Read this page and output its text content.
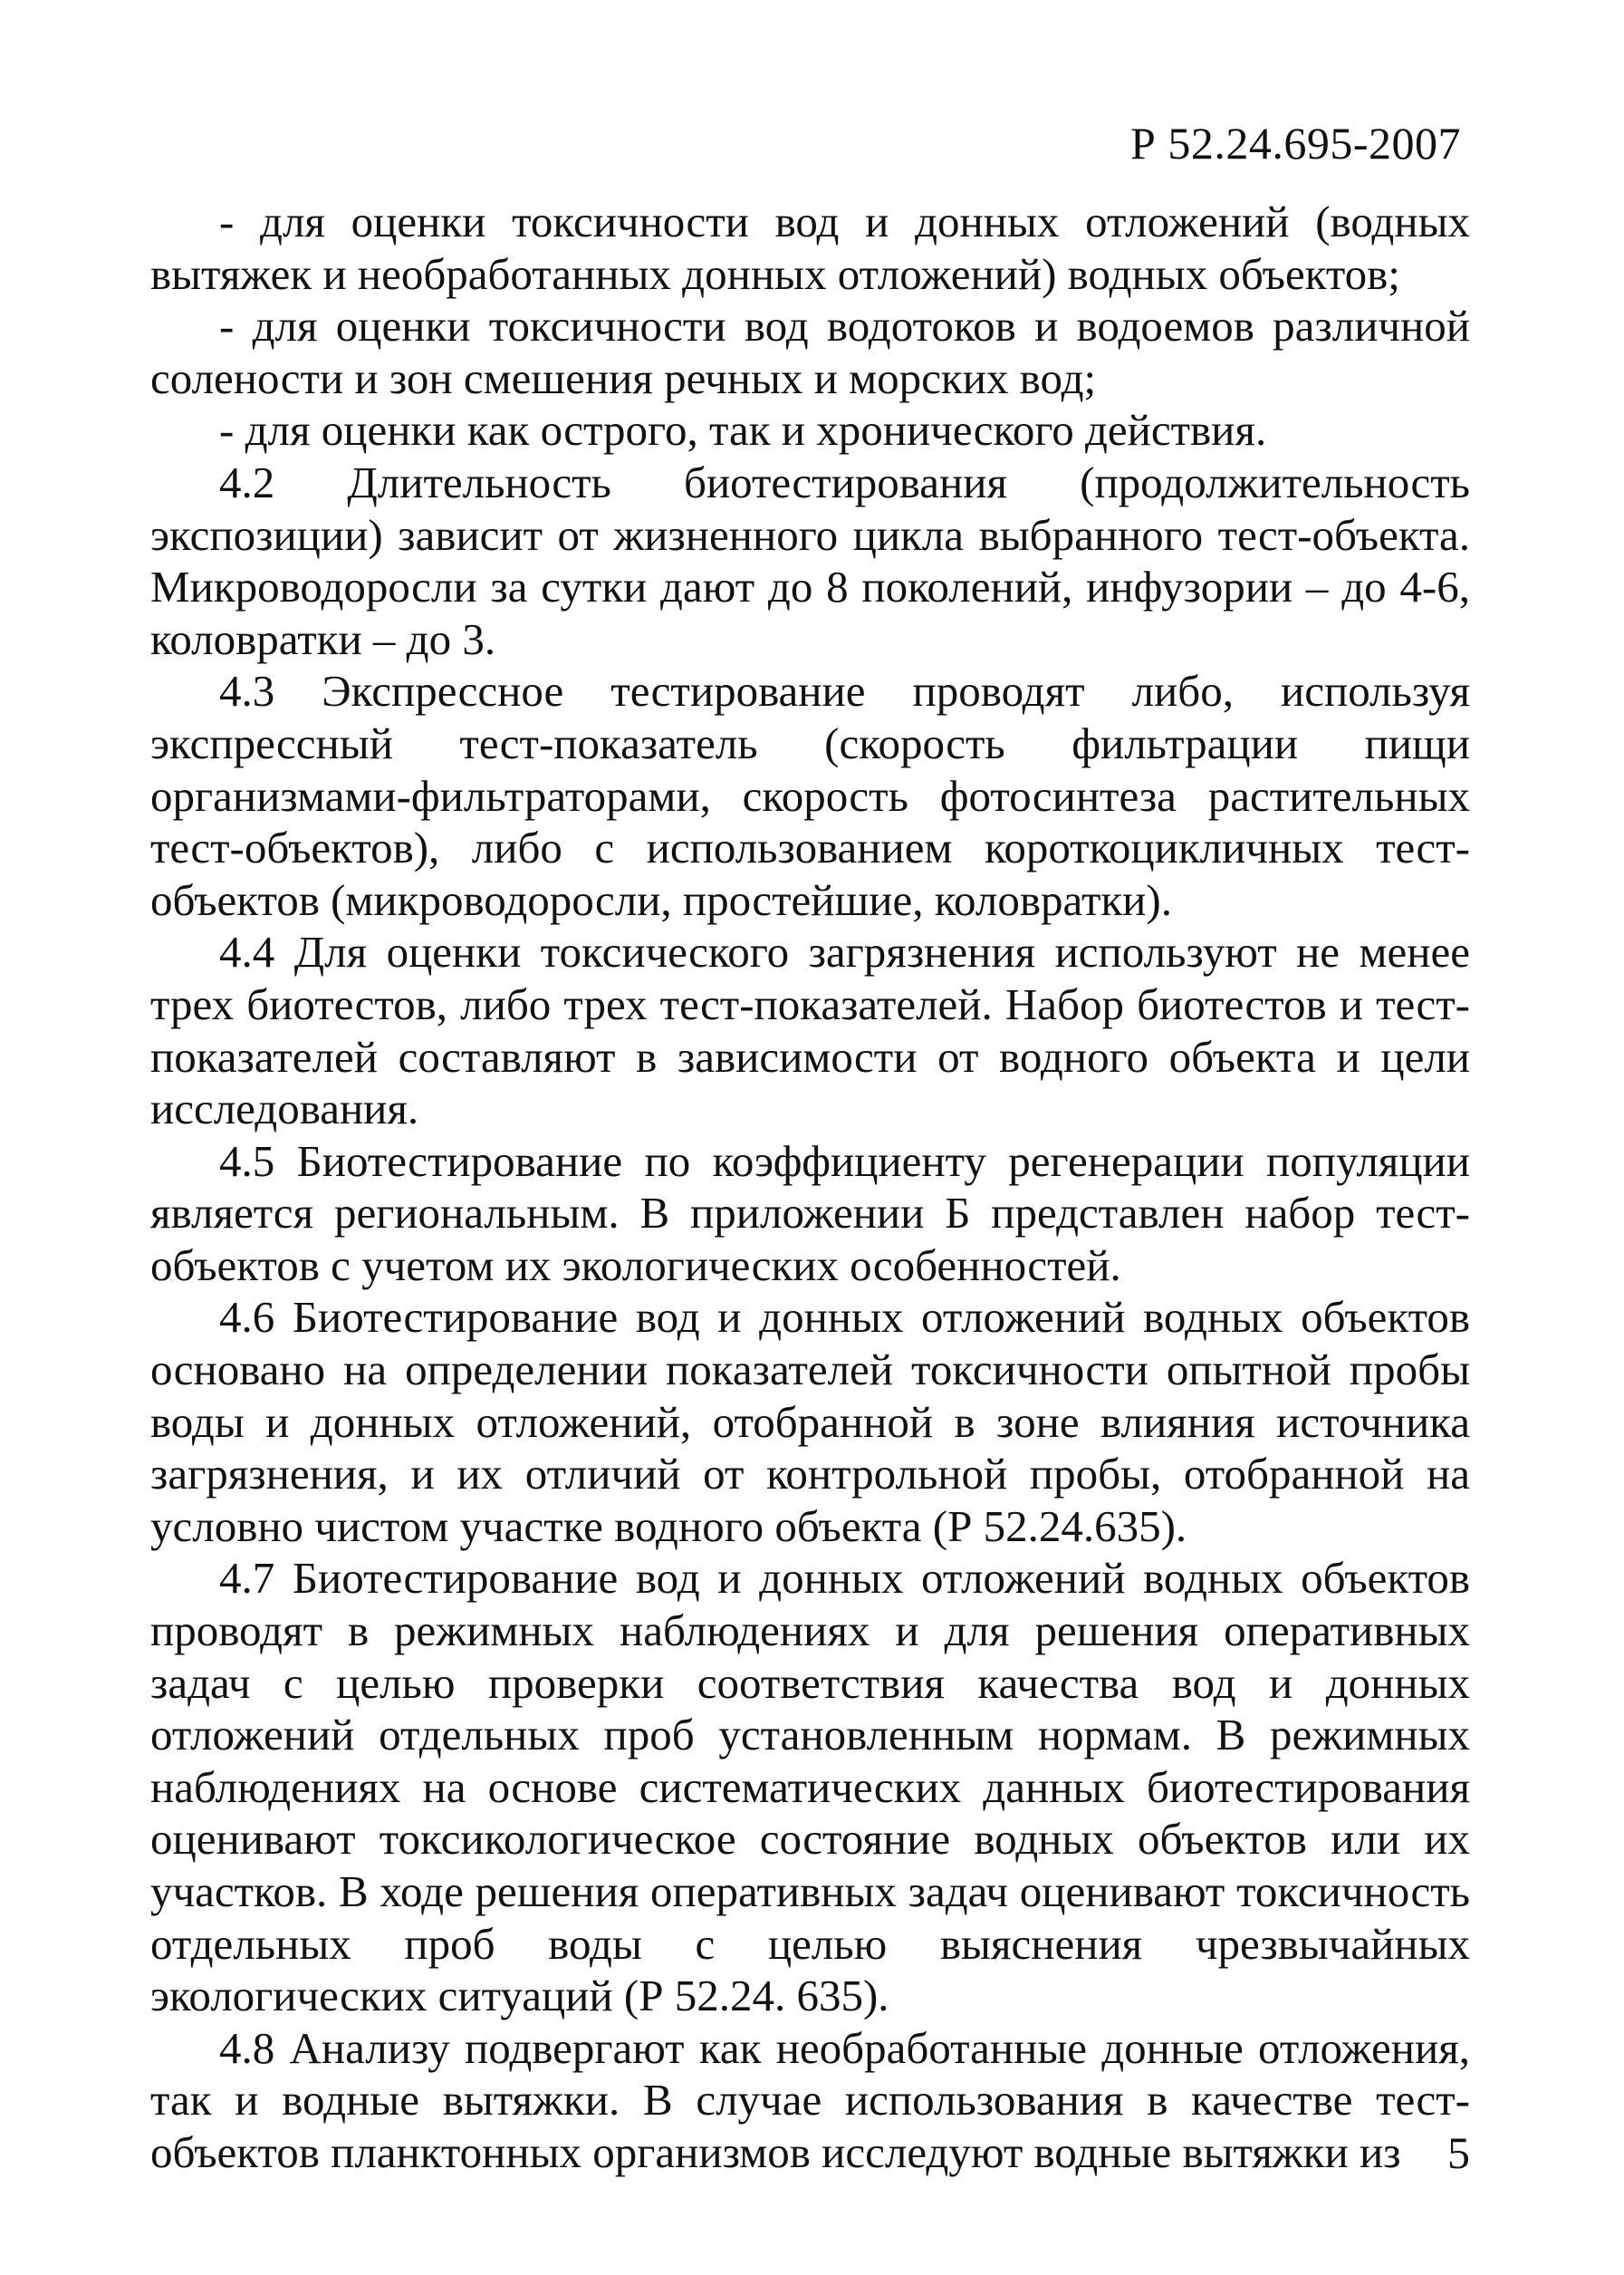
Р 52.24.695-2007

- для оценки токсичности вод и донных отложений (водных вытяжек и необработанных донных отложений) водных объектов;

- для оценки токсичности вод водотоков и водоемов различной солености и зон смешения речных и морских вод;

- для оценки как острого, так и хронического действия.

4.2 Длительность биотестирования (продолжительность экспозиции) зависит от жизненного цикла выбранного тест-объекта. Микроводоросли за сутки дают до 8 поколений, инфузории – до 4-6, коловратки – до 3.

4.3 Экспрессное тестирование проводят либо, используя экспрессный тест-показатель (скорость фильтрации пищи организмами-фильтраторами, скорость фотосинтеза растительных тест-объектов), либо с использованием короткоцикличных тест-объектов (микроводоросли, простейшие, коловратки).

4.4 Для оценки токсического загрязнения используют не менее трех биотестов, либо трех тест-показателей. Набор биотестов и тест-показателей составляют в зависимости от водного объекта и цели исследования.

4.5 Биотестирование по коэффициенту регенерации популяции является региональным. В приложении Б представлен набор тест-объектов с учетом их экологических особенностей.

4.6 Биотестирование вод и донных отложений водных объектов основано на определении показателей токсичности опытной пробы воды и донных отложений, отобранной в зоне влияния источника загрязнения, и их отличий от контрольной пробы, отобранной на условно чистом участке водного объекта (Р 52.24.635).

4.7 Биотестирование вод и донных отложений водных объектов проводят в режимных наблюдениях и для решения оперативных задач с целью проверки соответствия качества вод и донных отложений отдельных проб установленным нормам. В режимных наблюдениях на основе систематических данных биотестирования оценивают токсикологическое состояние водных объектов или их участков. В ходе решения оперативных задач оценивают токсичность отдельных проб воды с целью выяснения чрезвычайных экологических ситуаций (Р 52.24. 635).

4.8 Анализу подвергают как необработанные донные отложения, так и водные вытяжки. В случае использования в качестве тест-объектов планктонных организмов исследуют водные вытяжки из	5
